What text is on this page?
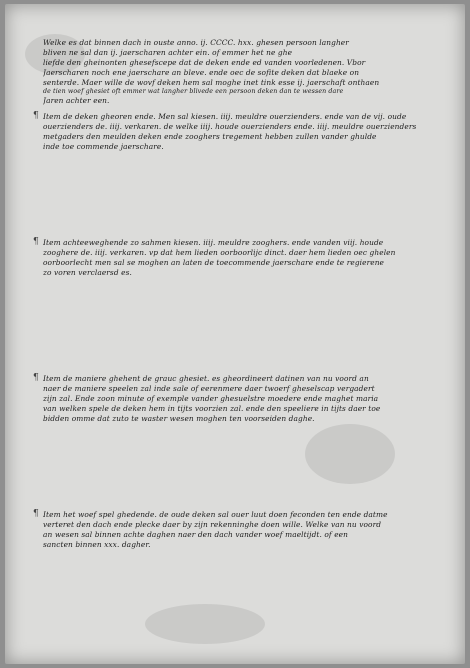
Welke es dat binnen dach in ouste anno. ij. CCCC. hxx. ghesen persoon langher
bliven ne sal dan ij. jaerscharen achter ein. of emmer het ne ghe
liefde den gheinonten ghesefscepe dat de deken ende ed vanden voorledenen. Vbor
Jaerscharen noch ene jaerschare an bleve. ende oec de sofite deken dat blaeke on
senterde. Maer wille de wovf deken hem sal moghe inet tink esse ij. jaerschaft onthaen
de tien woef ghesiet oft emmer wat langher blivede een persoon deken dan te wessen dare
Jaren achter een.
¶ Item de deken gheoren ende. Men sal kiesen. iiij. meuldre ouerzienders. ende van de vij. oude
ouerzienders de. iiij. verkaren. de welke iiij. houde ouerzienders ende. iiij. meuldre ouerzienders
metgaders den meulden deken ende zooghers tregement hebben zullen vander ghulde
inde toe commende jaerschare.
¶ Item achteeweghende zo sahmen kiesen. iiij. meuldre zooghers. ende vanden viij. houde
zooghere de. iiij. verkaren. vp dat hem lieden oorboorlijc dinct. daer hem lieden oec ghelen
oorboorlecht men sal se moghen an laten de toecommende jaerschare ende te regierene
zo voren verclaersd es.
¶ Item de maniere ghehent de grauc ghesiet. es gheordineert datinen van nu voord an
naer de maniere speelen zal inde sale of eerenmere daer twoerf gheselscap vergadert
zijn zal. Ende zoon minute of exemple vander ghesuelstre moedere ende maghet maria
van welken spele de deken hem in tijts voorzien zal. ende den speeliere in tijts daer toe
bidden omme dat zuto te waster wesen moghen ten voorseiden daghe.
¶ Item het woef spel ghedende. de oude deken sal ouer luut doen feconden ten ende datme
verteret den dach ende plecke daer by zijn rekenninghe doen wille. Welke van nu voord
an wesen sal binnen achte daghen naer den dach vander woef maeltijdt. of een
sancten binnen xxx. dagher.
